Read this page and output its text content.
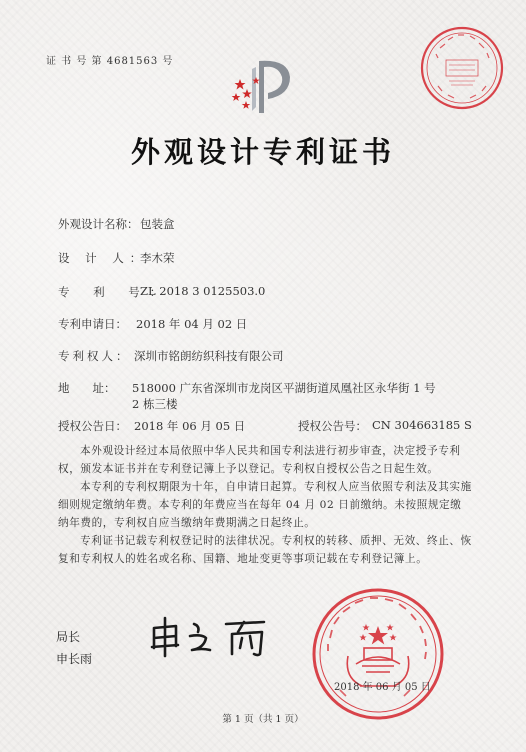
证 书 号 第 4681563 号
外观设计专利证书
外观设计名称： 包装盒
设 计 人：
李木荣
专 利 号：
ZL 2018 3 0125503.0
专利申请日： 2018 年 04 月 02 日
专利权人： 深圳市铭朗纺织科技有限公司
地　　址： 518000 广东省深圳市龙岗区平湖街道凤凰社区永华街 1 号
2 栋三楼
授权公告日： 2018 年 06 月 05 日	授权公告号： CN 304663185 S
本外观设计经过本局依照中华人民共和国专利法进行初步审查，决定授予专利权，颁发本证书并在专利登记簿上予以登记。专利权自授权公告之日起生效。
本专利的专利权期限为十年，自申请日起算。专利权人应当依照专利法及其实施细则规定缴纳年费。本专利的年费应当在每年 04 月 02 日前缴纳。未按照规定缴纳年费的，专利权自应当缴纳年费期满之日起终止。
专利证书记载专利权登记时的法律状况。专利权的转移、质押、无效、终止、恢复和专利权人的姓名或名称、国籍、地址变更等事项记载在专利登记簿上。
局长
申长雨
2018 年 06 月 05 日
第 1 页（共 1 页）
